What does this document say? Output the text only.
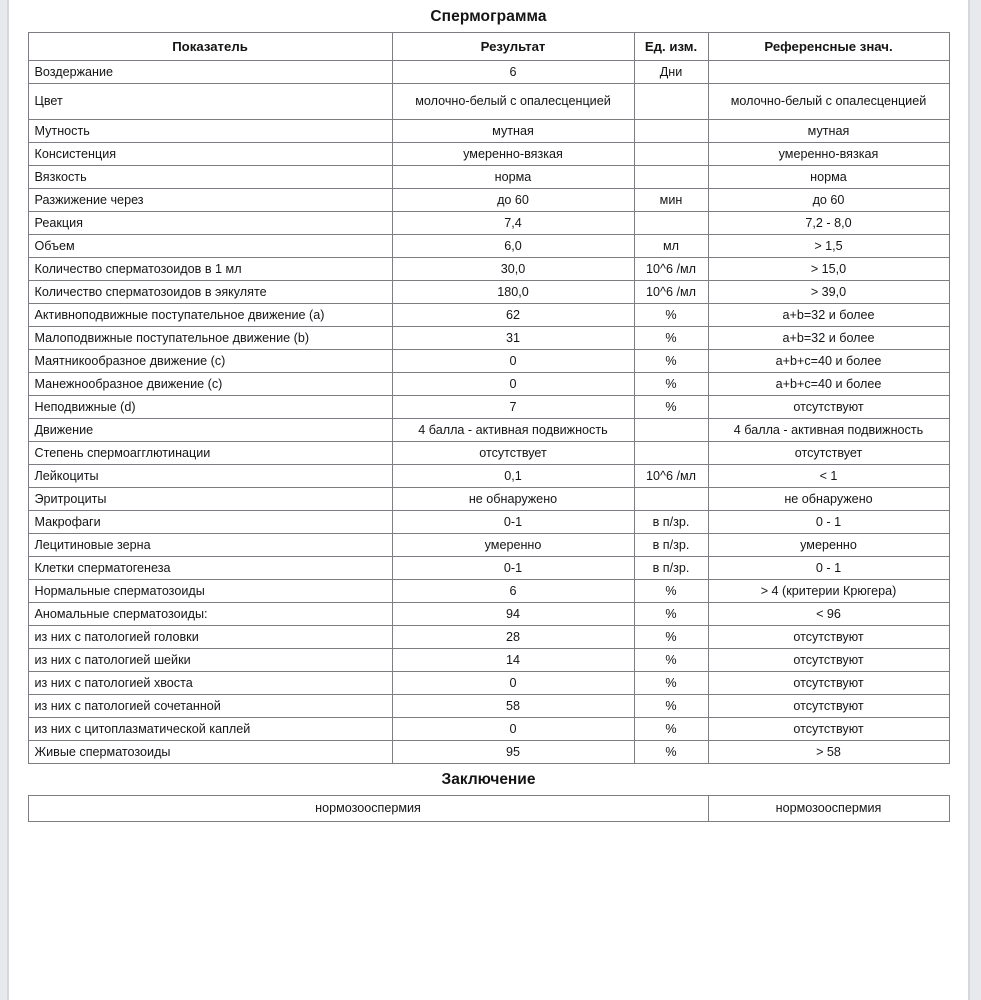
Спермограмма
Показатель	Результат	Ед. изм.	Референсные знач.
Воздержание	6	Дни	
Цвет	молочно-белый с опалесценцией		молочно-белый с опалесценцией
Мутность	мутная		мутная
Консистенция	умеренно-вязкая		умеренно-вязкая
Вязкость	норма		норма
Разжижение через	до 60	мин	до 60
Реакция	7,4		7,2 - 8,0
Объем	6,0	мл	> 1,5
Количество сперматозоидов в 1 мл	30,0	10^6 /мл	> 15,0
Количество сперматозоидов в эякуляте	180,0	10^6 /мл	> 39,0
Активноподвижные поступательное движение (a)	62	%	a+b=32 и более
Малоподвижные поступательное движение (b)	31	%	a+b=32 и более
Маятникообразное движение (c)	0	%	a+b+c=40 и более
Манежнообразное движение (c)	0	%	a+b+c=40 и более
Неподвижные (d)	7	%	отсутствуют
Движение	4 балла - активная подвижность		4 балла - активная подвижность
Степень спермоагглютинации	отсутствует		отсутствует
Лейкоциты	0,1	10^6 /мл	< 1
Эритроциты	не обнаружено		не обнаружено
Макрофаги	0-1	в п/зр.	0 - 1
Лецитиновые зерна	умеренно	в п/зр.	умеренно
Клетки сперматогенеза	0-1	в п/зр.	0 - 1
Нормальные сперматозоиды	6	%	> 4 (критерии Крюгера)
Аномальные сперматозоиды:	94	%	< 96
из них с патологией головки	28	%	отсутствуют
из них с патологией шейки	14	%	отсутствуют
из них с патологией хвоста	0	%	отсутствуют
из них с патологией сочетанной	58	%	отсутствуют
из них с цитоплазматической каплей	0	%	отсутствуют
Живые сперматозоиды	95	%	> 58
Заключение
нормозооспермия	нормозооспермия
